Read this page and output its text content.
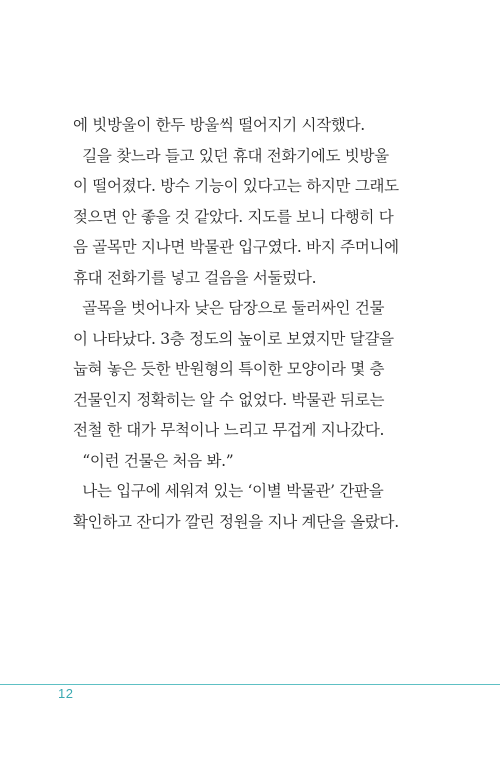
에 빗방울이 한두 방울씩 떨어지기 시작했다.
길을 찾느라 들고 있던 휴대 전화기에도 빗방울
이 떨어졌다. 방수 기능이 있다고는 하지만 그래도
젖으면 안 좋을 것 같았다. 지도를 보니 다행히 다
음 골목만 지나면 박물관 입구였다. 바지 주머니에
휴대 전화기를 넣고 걸음을 서둘렀다.
골목을 벗어나자 낮은 담장으로 둘러싸인 건물
이 나타났다. 3층 정도의 높이로 보였지만 달걀을
눕혀 놓은 듯한 반원형의 특이한 모양이라 몇 층
건물인지 정확히는 알 수 없었다. 박물관 뒤로는
전철 한 대가 무척이나 느리고 무겁게 지나갔다.
“이런 건물은 처음 봐.”
나는 입구에 세워져 있는 ‘이별 박물관’ 간판을
확인하고 잔디가 깔린 정원을 지나 계단을 올랐다.
12
